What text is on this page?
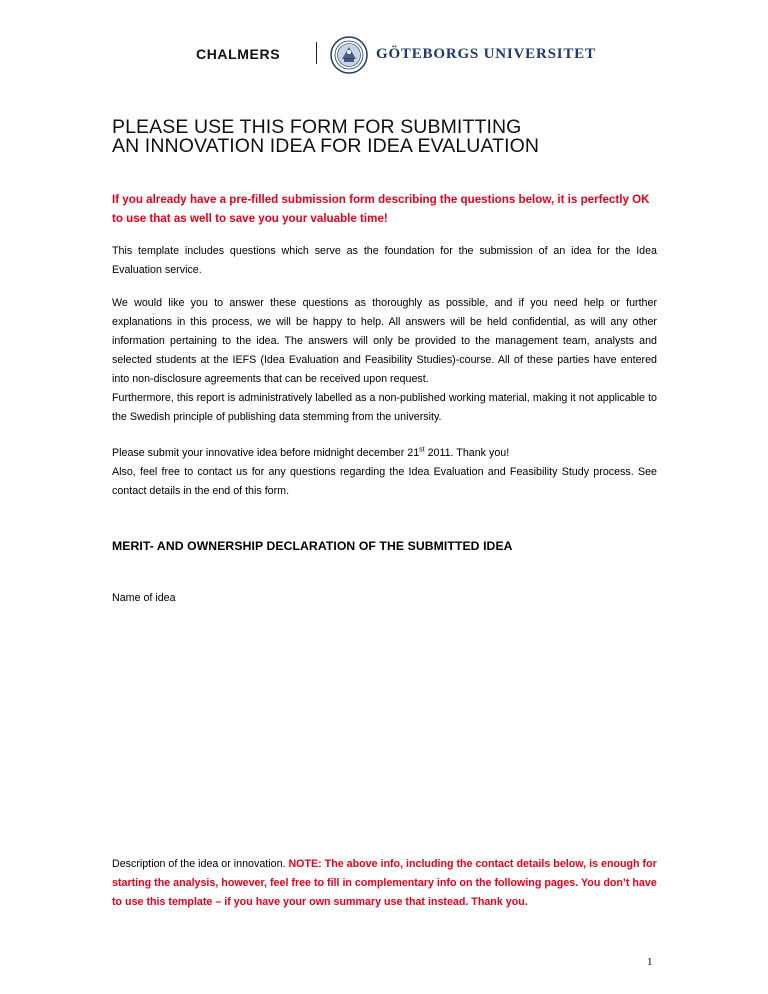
CHALMERS	GÖTEBORGS UNIVERSITET
PLEASE USE THIS FORM FOR SUBMITTING
AN INNOVATION IDEA FOR IDEA EVALUATION

If you already have a pre-filled submission form describing the questions below, it is perfectly OK to use that as well to save you your valuable time!

This template includes questions which serve as the foundation for the submission of an idea for the Idea Evaluation service.

We would like you to answer these questions as thoroughly as possible, and if you need help or further explanations in this process, we will be happy to help. All answers will be held confidential, as will any other information pertaining to the idea. The answers will only be provided to the management team, analysts and selected students at the IEFS (Idea Evaluation and Feasibility Studies)-course. All of these parties have entered into non-disclosure agreements that can be received upon request.

Furthermore, this report is administratively labelled as a non-published working material, making it not applicable to the Swedish principle of publishing data stemming from the university.

Please submit your innovative idea before midnight december 21st 2011. Thank you!

Also, feel free to contact us for any questions regarding the Idea Evaluation and Feasibility Study process. See contact details in the end of this form.

MERIT- AND OWNERSHIP DECLARATION OF THE SUBMITTED IDEA

Name of idea

Description of the idea or innovation. NOTE: The above info, including the contact details below, is enough for starting the analysis, however, feel free to fill in complementary info on the following pages. You don’t have to use this template – if you have your own summary use that instead. Thank you.
1
